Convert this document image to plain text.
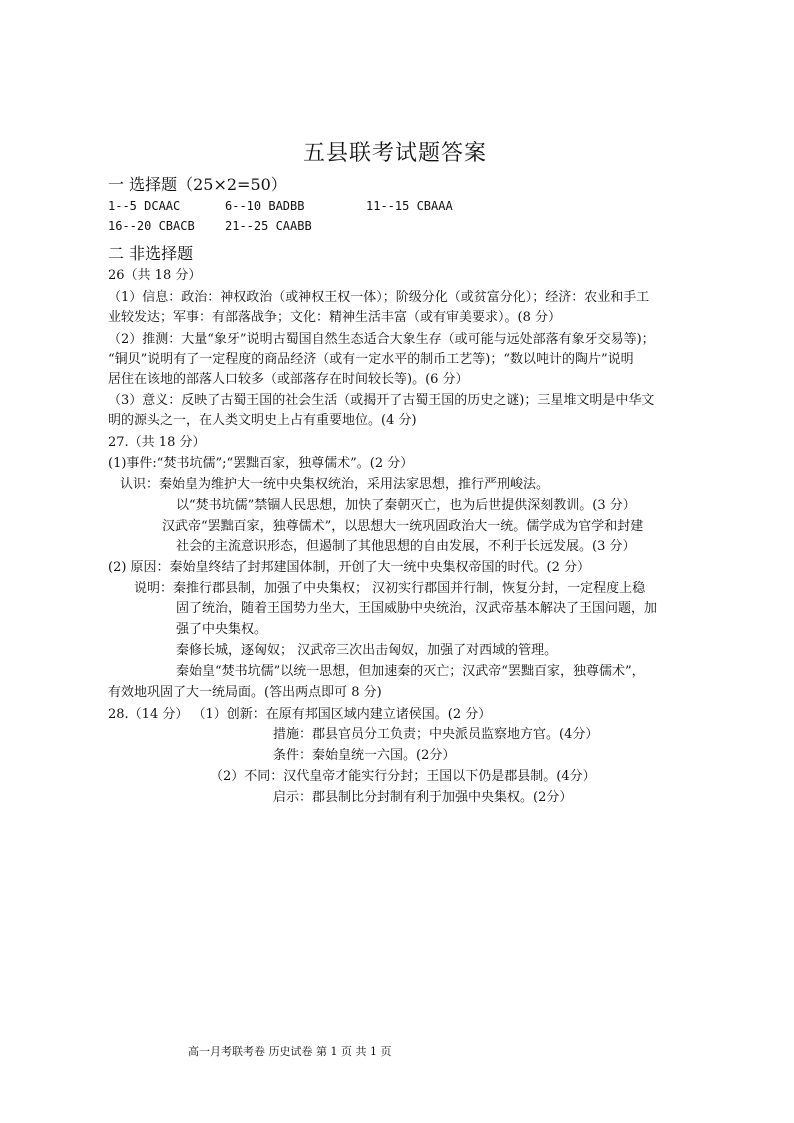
五县联考试题答案
一 选择题（25×2=50）
1--5 DCAAC	6--10 BADBB	11--15 CBAAA
16--20 CBACB	21--25 CAABB
二 非选择题
26（共 18 分）
（1）信息：政治：神权政治（或神权王权一体）；阶级分化（或贫富分化）；经济：农业和手工
业较发达；军事：有部落战争；文化：精神生活丰富（或有审美要求）。(8 分）
（2）推测：大量“象牙”说明古蜀国自然生态适合大象生存（或可能与远处部落有象牙交易等)；
“铜贝”说明有了一定程度的商品经济（或有一定水平的制币工艺等)；“数以吨计的陶片”说明
居住在该地的部落人口较多（或部落存在时间较长等)。(6 分）
（3）意义：反映了古蜀王国的社会生活（或揭开了古蜀王国的历史之谜)；三星堆文明是中华文
明的源头之一，在人类文明史上占有重要地位。(4 分)
27.（共 18 分）
(1)事件:“焚书坑儒”;“罢黜百家，独尊儒术”。(2 分）
认识：秦始皇为维护大一统中央集权统治，采用法家思想，推行严刑峻法。
以“焚书坑儒”禁锢人民思想，加快了秦朝灭亡，也为后世提供深刻教训。(3 分）
汉武帝“罢黜百家，独尊儒术”，以思想大一统巩固政治大一统。儒学成为官学和封建
社会的主流意识形态，但遏制了其他思想的自由发展，不利于长远发展。(3 分）
(2) 原因：秦始皇终结了封邦建国体制，开创了大一统中央集权帝国的时代。(2 分）
说明：秦推行郡县制，加强了中央集权； 汉初实行郡国并行制，恢复分封，一定程度上稳
固了统治，随着王国势力坐大，王国威胁中央统治，汉武帝基本解决了王国问题，加
强了中央集权。
秦修长城，逐匈奴； 汉武帝三次出击匈奴，加强了对西域的管理。
秦始皇“焚书坑儒”以统一思想，但加速秦的灭亡；汉武帝“罢黜百家，独尊儒术”，
有效地巩固了大一统局面。(答出两点即可 8 分)
28.（14 分） （1）创新：在原有邦国区域内建立诸侯国。(2 分）
措施：郡县官员分工负责；中央派员监察地方官。(4分）
条件：秦始皇统一六国。(2分）
（2）不同：汉代皇帝才能实行分封；王国以下仍是郡县制。(4分）
启示：郡县制比分封制有利于加强中央集权。(2分）
高一月考联考卷 历史试卷 第 1 页 共 1 页
